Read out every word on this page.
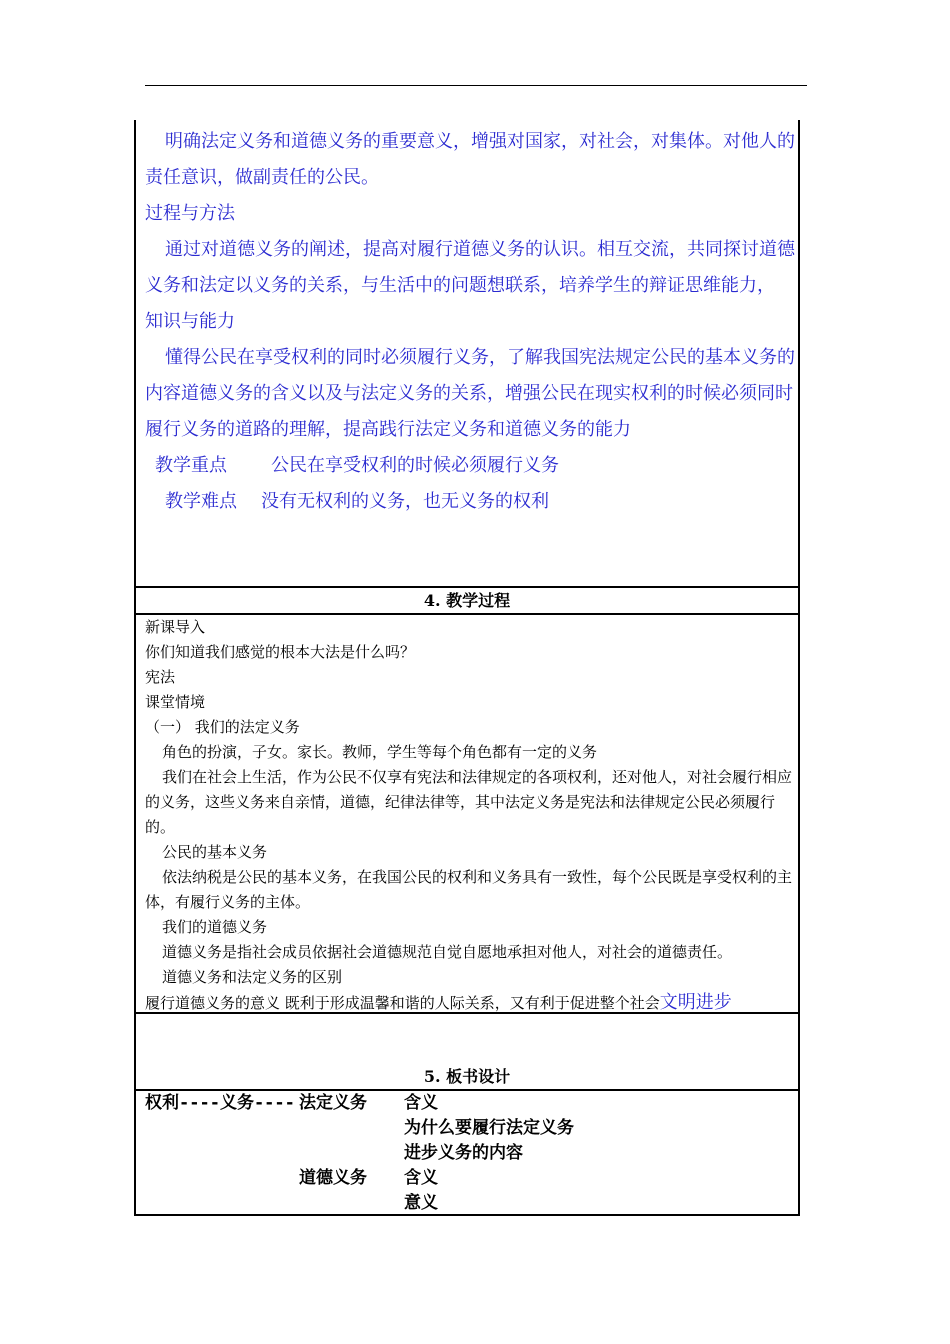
明确法定义务和道德义务的重要意义，增强对国家，对社会，对集体。对他人的责任意识，做副责任的公民。

过程与方法

通过对道德义务的阐述，提高对履行道德义务的认识。相互交流，共同探讨道德义务和法定以义务的关系，与生活中的问题想联系，培养学生的辩证思维能力，

知识与能力

懂得公民在享受权利的同时必须履行义务，了解我国宪法规定公民的基本义务的内容道德义务的含义以及与法定义务的关系，增强公民在现实权利的时候必须同时履行义务的道路的理解，提高践行法定义务和道德义务的能力

教学重点	公民在享受权利的时候必须履行义务

教学难点	没有无权利的义务，也无义务的权利

4. 教学过程

新课导入

你们知道我们感觉的根本大法是什么吗？

宪法

课堂情境

（一） 我们的法定义务

角色的扮演，子女。家长。教师，学生等每个角色都有一定的义务

我们在社会上生活，作为公民不仅享有宪法和法律规定的各项权利，还对他人，对社会履行相应的义务，这些义务来自亲情，道德，纪律法律等，其中法定义务是宪法和法律规定公民必须履行的。

公民的基本义务

依法纳税是公民的基本义务，在我国公民的权利和义务具有一致性，每个公民既是享受权利的主体，有履行义务的主体。

我们的道德义务

道德义务是指社会成员依据社会道德规范自觉自愿地承担对他人，对社会的道德责任。

道德义务和法定义务的区别

履行道德义务的意义 既利于形成温馨和谐的人际关系，又有利于促进整个社会文明进步

5. 板书设计
权利----义务---- 法定义务 含义
为什么要履行法定义务
进步义务的内容
道德义务 含义
意义
